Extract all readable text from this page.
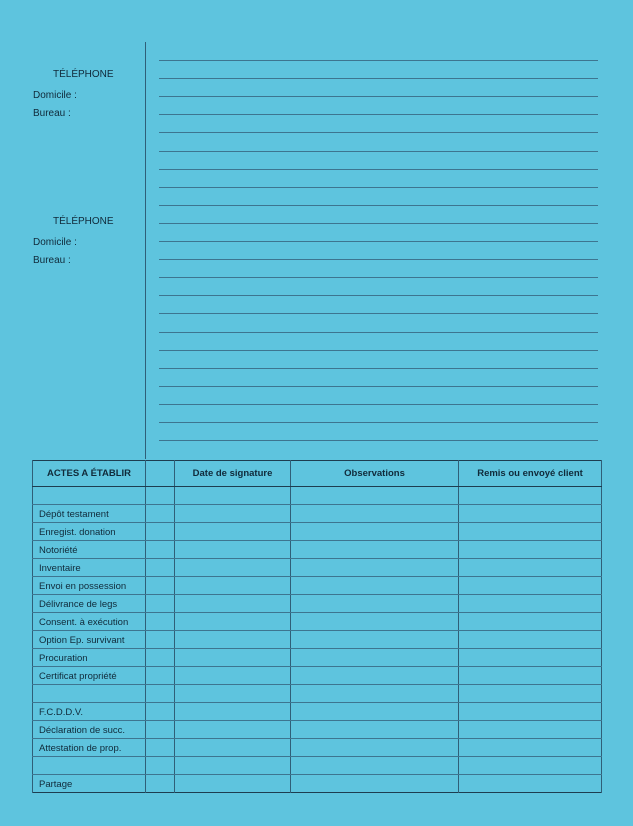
TÉLÉPHONE
Domicile :
Bureau :
TÉLÉPHONE
Domicile :
Bureau :
ACTES A ÉTABLIR		Date de signature	Observations	Remis ou envoyé client

Dépôt testament				
Enregist. donation				
Notoriété				
Inventaire				
Envoi en possession				
Délivrance de legs				
Consent. à exécution				
Option Ep. survivant				
Procuration				
Certificat propriété				

F.C.D.D.V.				
Déclaration de succ.				
Attestation de prop.				

Partage				
